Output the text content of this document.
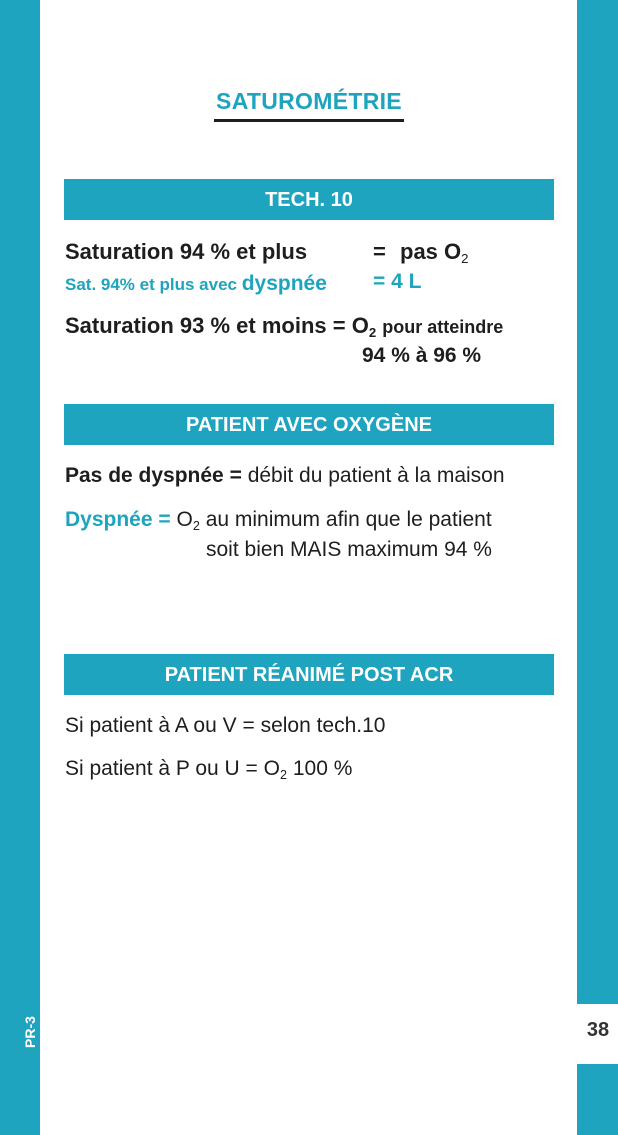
38
PR-3
SATUROMÉTRIE
TECH. 10
Saturation 94 % et plus	= pas $O_2$
Sat. 94% et plus avec dyspnée = 4 L
Saturation 93 % et moins = $O_2$ pour atteindre
94 % à 96 %
PATIENT AVEC OXYGÈNE
Pas de dyspnée = débit du patient à la maison
Dyspnée = $O_2$ au minimum afin que le patient
soit bien MAIS maximum 94 %
PATIENT RÉANIMÉ POST ACR
Si patient à A ou V = selon tech.10
Si patient à P ou $U = O_2$ 100 %
